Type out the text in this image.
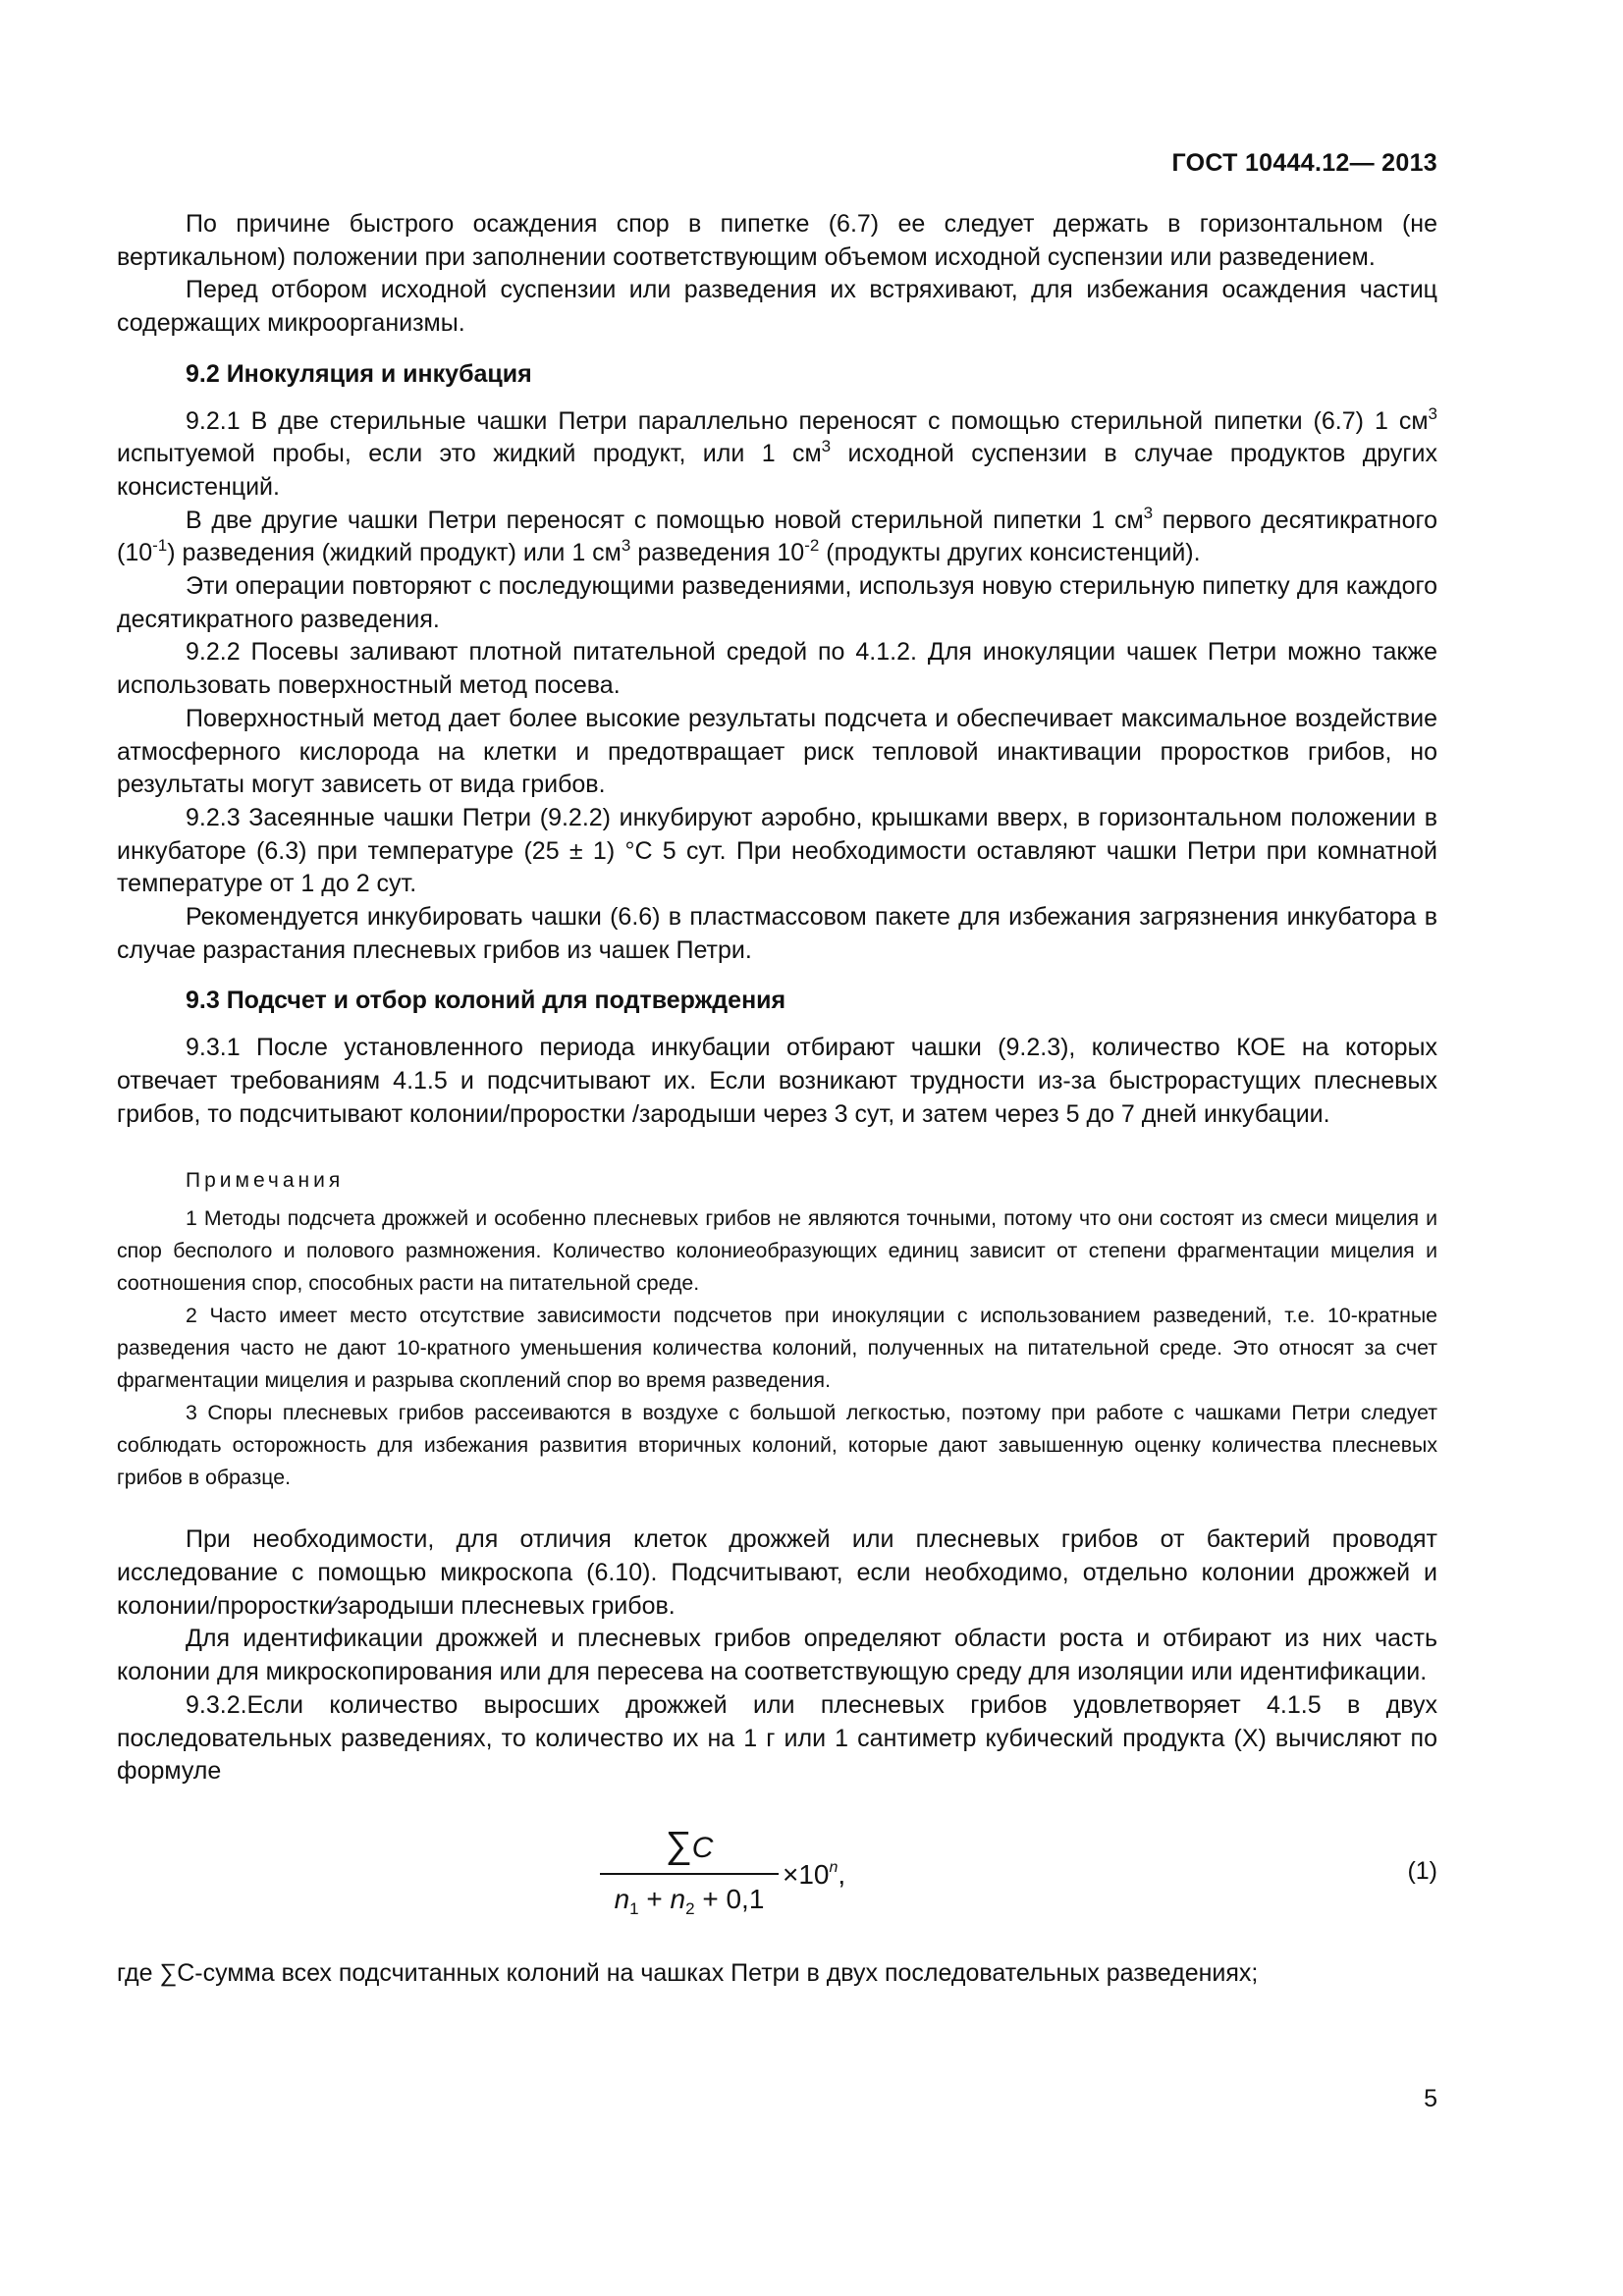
ГОСТ 10444.12— 2013

По причине быстрого осаждения спор в пипетке (6.7) ее следует держать в горизонтальном (не вертикальном) положении при заполнении соответствующим объемом исходной суспензии или разведением.

Перед отбором исходной суспензии или разведения их встряхивают, для избежания осаждения частиц содержащих микроорганизмы.

9.2 Инокуляция и инкубация

9.2.1 В две стерильные чашки Петри параллельно переносят с помощью стерильной пипетки (6.7) 1 $см^3$ испытуемой пробы, если это жидкий продукт, или 1 $см^3$ исходной суспензии в случае продуктов других консистенций.

В две другие чашки Петри переносят с помощью новой стерильной пипетки 1 $см^3$ первого десятикратного $(10^{-1})$ разведения (жидкий продукт) или 1 $см^3$ разведения $10^{-2}$ (продукты других консистенций).

Эти операции повторяют с последующими разведениями, используя новую стерильную пипетку для каждого десятикратного разведения.

9.2.2 Посевы заливают плотной питательной средой по 4.1.2. Для инокуляции чашек Петри можно также использовать поверхностный метод посева.

Поверхностный метод дает более высокие результаты подсчета и обеспечивает максимальное воздействие атмосферного кислорода на клетки и предотвращает риск тепловой инактивации проростков грибов, но результаты могут зависеть от вида грибов.

9.2.3 Засеянные чашки Петри (9.2.2) инкубируют аэробно, крышками вверх, в горизонтальном положении в инкубаторе (6.3) при температуре (25 ± 1) °С 5 сут. При необходимости оставляют чашки Петри при комнатной температуре от 1 до 2 сут.

Рекомендуется инкубировать чашки (6.6) в пластмассовом пакете для избежания загрязнения инкубатора в случае разрастания плесневых грибов из чашек Петри.

9.3 Подсчет и отбор колоний для подтверждения

9.3.1 После установленного периода инкубации отбирают чашки (9.2.3), количество КОЕ на которых отвечает требованиям 4.1.5 и подсчитывают их. Если возникают трудности из-за быстрорастущих плесневых грибов, то подсчитывают колонии/проростки /зародыши через 3 сут, и затем через 5 до 7 дней инкубации.

Примечания

1 Методы подсчета дрожжей и особенно плесневых грибов не являются точными, потому что они состоят из смеси мицелия и спор бесполого и полового размножения. Количество колониеобразующих единиц зависит от степени фрагментации мицелия и соотношения спор, способных расти на питательной среде.

2 Часто имеет место отсутствие зависимости подсчетов при инокуляции с использованием разведений, т.е. 10-кратные разведения часто не дают 10-кратного уменьшения количества колоний, полученных на питательной среде. Это относят за счет фрагментации мицелия и разрыва скоплений спор во время разведения.

3 Споры плесневых грибов рассеиваются в воздухе с большой легкостью, поэтому при работе с чашками Петри следует соблюдать осторожность для избежания развития вторичных колоний, которые дают завышенную оценку количества плесневых грибов в образце.

При необходимости, для отличия клеток дрожжей или плесневых грибов от бактерий проводят исследование с помощью микроскопа (6.10). Подсчитывают, если необходимо, отдельно колонии дрожжей и колонии/проростки⁄зародыши плесневых грибов.

Для идентификации дрожжей и плесневых грибов определяют области роста и отбирают из них часть колонии для микроскопирования или для пересева на соответствующую среду для изоляции или идентификации.

9.3.2.Если количество выросших дрожжей или плесневых грибов удовлетворяет 4.1.5 в двух последовательных разведениях, то количество их на 1 г или 1 сантиметр кубический продукта (X) вычисляют по формуле

∑C
$n_1 + n_2 + 0,1$
$\times 10^n$,	(1)

где ∑С-сумма всех подсчитанных колоний на чашках Петри в двух последовательных разведениях;

5
